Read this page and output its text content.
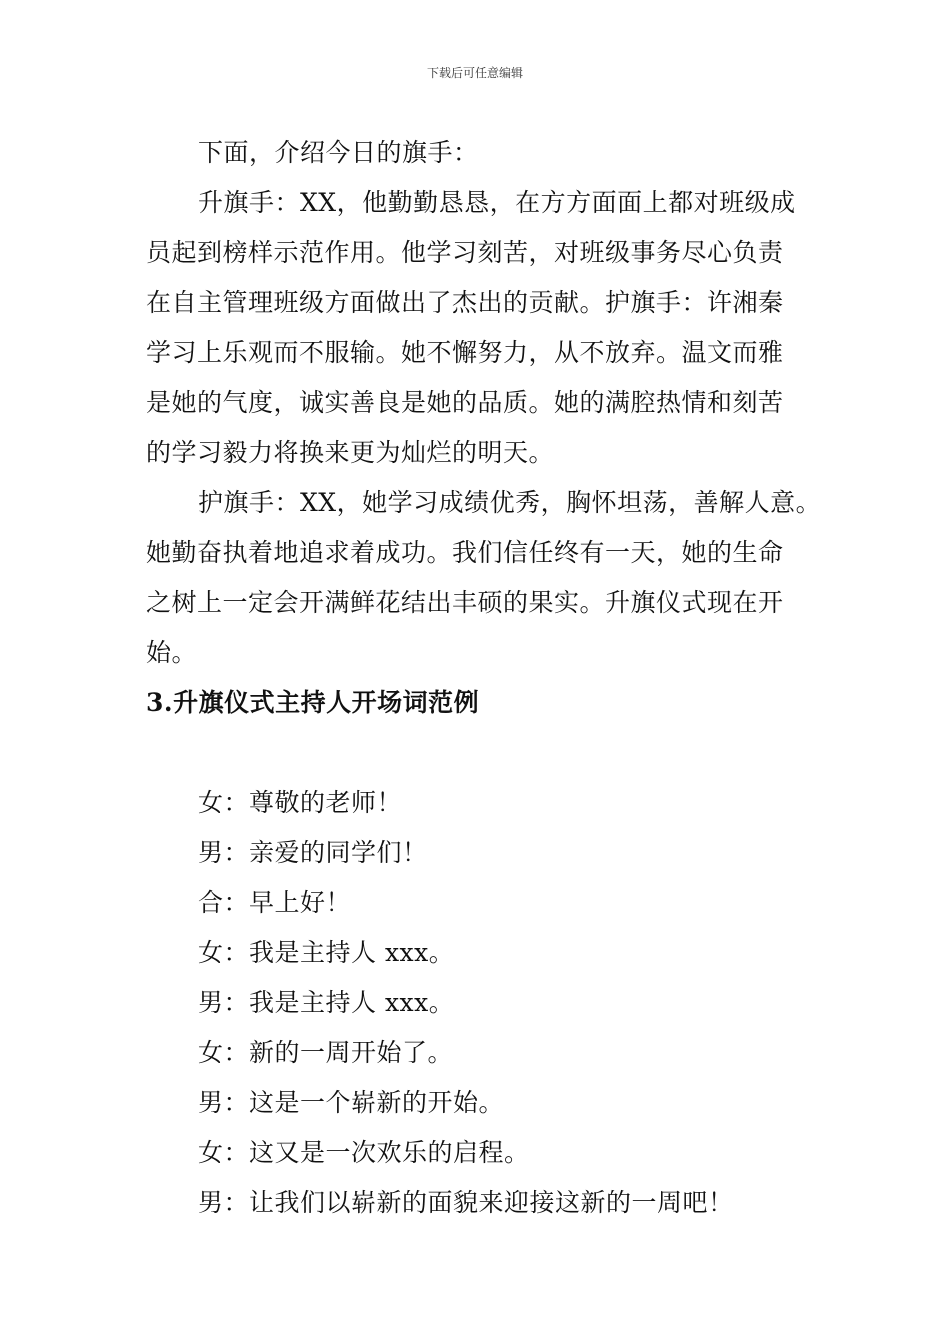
下载后可任意编辑

下面，介绍今日的旗手：

升旗手：XX，他勤勤恳恳，在方方面面上都对班级成
员起到榜样示范作用。他学习刻苦，对班级事务尽心负责
在自主管理班级方面做出了杰出的贡献。护旗手：许湘秦
学习上乐观而不服输。她不懈努力，从不放弃。温文而雅
是她的气度，诚实善良是她的品质。她的满腔热情和刻苦
的学习毅力将换来更为灿烂的明天。

护旗手：XX，她学习成绩优秀，胸怀坦荡，善解人意。
她勤奋执着地追求着成功。我们信任终有一天，她的生命
之树上一定会开满鲜花结出丰硕的果实。升旗仪式现在开
始。

3.升旗仪式主持人开场词范例
女：尊敬的老师！
男：亲爱的同学们！
合：早上好！
女：我是主持人 xxx。
男：我是主持人 xxx。
女：新的一周开始了。
男：这是一个崭新的开始。
女：这又是一次欢乐的启程。
男：让我们以崭新的面貌来迎接这新的一周吧！
